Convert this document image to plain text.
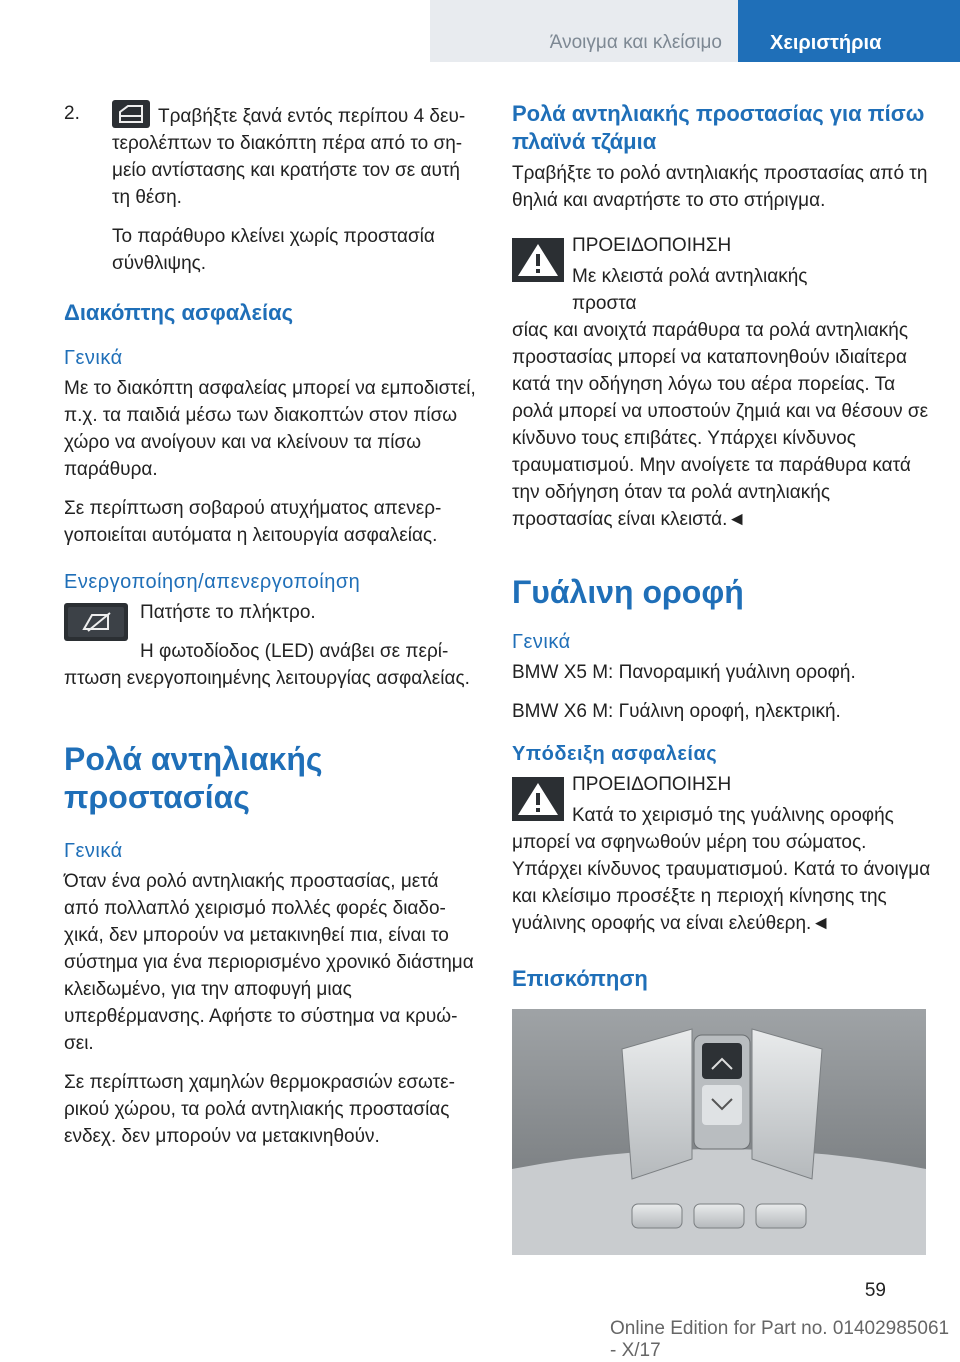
Άνοιγμα και κλείσιμο Χειριστήρια

2.	Τραβήξτε ξανά εντός περίπου 4 δευτερολέπτων το διακόπτη πέρα από το σημείο αντίστασης και κρατήστε τον σε αυτή τη θέση.

Το παράθυρο κλείνει χωρίς προστασία σύνθλιψης.

Διακόπτης ασφαλείας
Γενικά

Με το διακόπτη ασφαλείας μπορεί να εμποδιστεί, π.χ. τα παιδιά μέσω των διακοπτών στον πίσω χώρο να ανοίγουν και να κλείνουν τα πίσω παράθυρα.

Σε περίπτωση σοβαρού ατυχήματος απενεργοποιείται αυτόματα η λειτουργία ασφαλείας.

Ενεργοποίηση/απενεργοποίηση

Πατήστε το πλήκτρο.

Η φωτοδίοδος (LED) ανάβει σε περίπτωση ενεργοποιημένης λειτουργίας ασφαλείας.

Ρολά αντηλιακής προστασίας
Γενικά

Όταν ένα ρολό αντηλιακής προστασίας, μετά από πολλαπλό χειρισμό πολλές φορές διαδοχικά, δεν μπορούν να μετακινηθεί πια, είναι το σύστημα για ένα περιορισμένο χρονικό διάστημα κλειδωμένο, για την αποφυγή μιας υπερθέρμανσης. Αφήστε το σύστημα να κρυώσει.

Σε περίπτωση χαμηλών θερμοκρασιών εσωτερικού χώρου, τα ρολά αντηλιακής προστασίας ενδεχ. δεν μπορούν να μετακινηθούν.

Ρολά αντηλιακής προστασίας για πίσω πλαϊνά τζάμια

Τραβήξτε το ρολό αντηλιακής προστασίας από τη θηλιά και αναρτήστε το στο στήριγμα.

ΠΡΟΕΙΔΟΠΟΙΗΣΗ

Με κλειστά ρολά αντηλιακής προστα

σίας και ανοιχτά παράθυρα τα ρολά αντηλιακής προστασίας μπορεί να καταπονηθούν ιδιαίτερα κατά την οδήγηση λόγω του αέρα πορείας. Τα ρολά μπορεί να υποστούν ζημιά και να θέσουν σε κίνδυνο τους επιβάτες. Υπάρχει κίνδυνος τραυματισμού. Μην ανοίγετε τα παράθυρα κατά την οδήγηση όταν τα ρολά αντηλιακής προστασίας είναι κλειστά.◄

Γυάλινη οροφή
Γενικά

BMW X5 M: Πανοραμική γυάλινη οροφή.

BMW X6 M: Γυάλινη οροφή, ηλεκτρική.

Υπόδειξη ασφαλείας

ΠΡΟΕΙΔΟΠΟΙΗΣΗ

Κατά το χειρισμό της γυάλινης οροφής

μπορεί να σφηνωθούν μέρη του σώματος. Υπάρχει κίνδυνος τραυματισμού. Κατά το άνοιγμα και κλείσιμο προσέξτε η περιοχή κίνησης της γυάλινης οροφής να είναι ελεύθερη.◄

Επισκόπηση
Online Edition for Part no. 01402985061 - X/17
59
